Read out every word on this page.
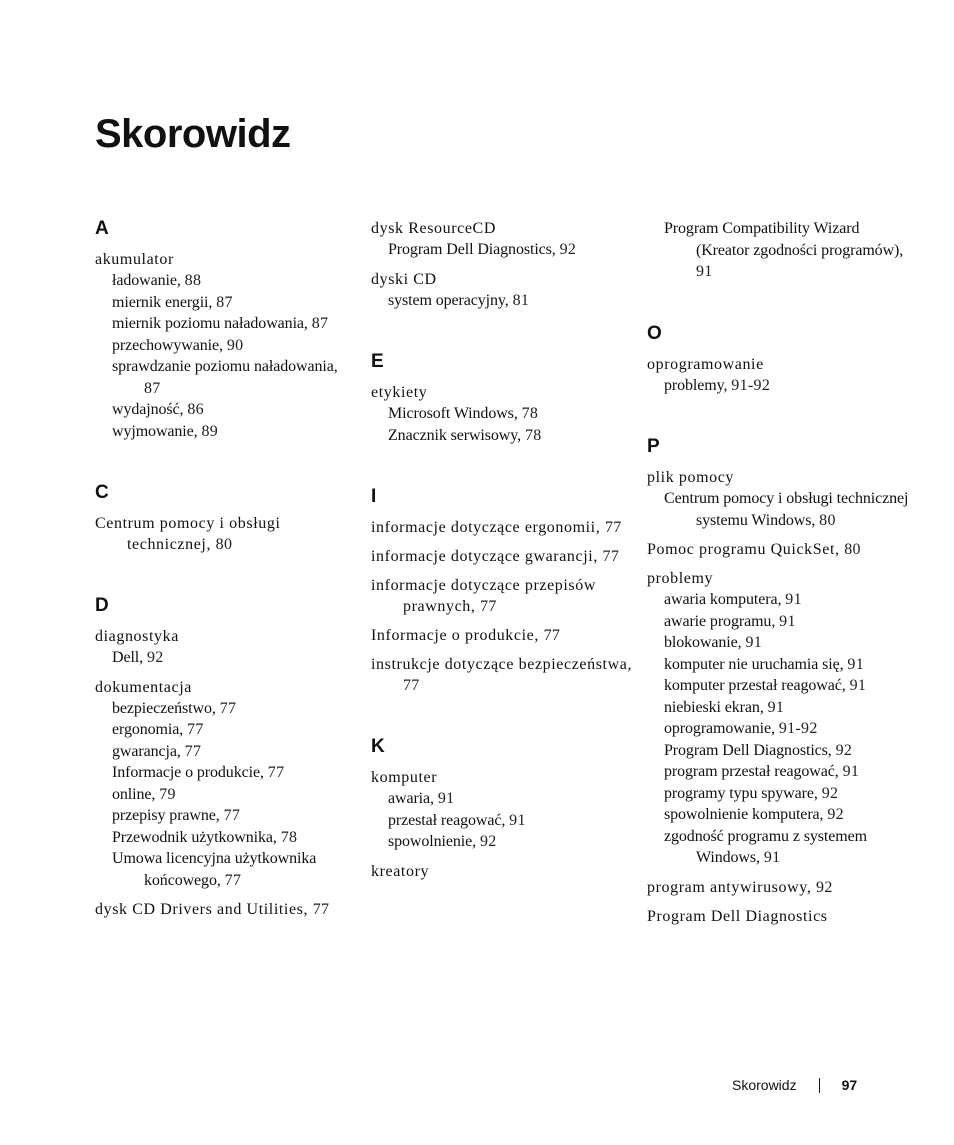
Skorowidz
A
akumulator
ładowanie, 88
miernik energii, 87
miernik poziomu naładowania, 87
przechowywanie, 90
sprawdzanie poziomu naładowania, 87
wydajność, 86
wyjmowanie, 89
C
Centrum pomocy i obsługi technicznej, 80
D
diagnostyka
Dell, 92
dokumentacja
bezpieczeństwo, 77
ergonomia, 77
gwarancja, 77
Informacje o produkcie, 77
online, 79
przepisy prawne, 77
Przewodnik użytkownika, 78
Umowa licencyjna użytkownika końcowego, 77
dysk CD Drivers and Utilities, 77
dysk ResourceCD
Program Dell Diagnostics, 92
dyski CD
system operacyjny, 81
E
etykiety
Microsoft Windows, 78
Znacznik serwisowy, 78
I
informacje dotyczące ergonomii, 77
informacje dotyczące gwarancji, 77
informacje dotyczące przepisów prawnych, 77
Informacje o produkcie, 77
instrukcje dotyczące bezpieczeństwa, 77
K
komputer
awaria, 91
przestał reagować, 91
spowolnienie, 92
kreatory
Program Compatibility Wizard (Kreator zgodności programów), 91
O
oprogramowanie
problemy, 91-92
P
plik pomocy
Centrum pomocy i obsługi technicznej systemu Windows, 80
Pomoc programu QuickSet, 80
problemy
awaria komputera, 91
awarie programu, 91
blokowanie, 91
komputer nie uruchamia się, 91
komputer przestał reagować, 91
niebieski ekran, 91
oprogramowanie, 91-92
Program Dell Diagnostics, 92
program przestał reagować, 91
programy typu spyware, 92
spowolnienie komputera, 92
zgodność programu z systemem Windows, 91
program antywirusowy, 92
Program Dell Diagnostics
Skorowidz	97
